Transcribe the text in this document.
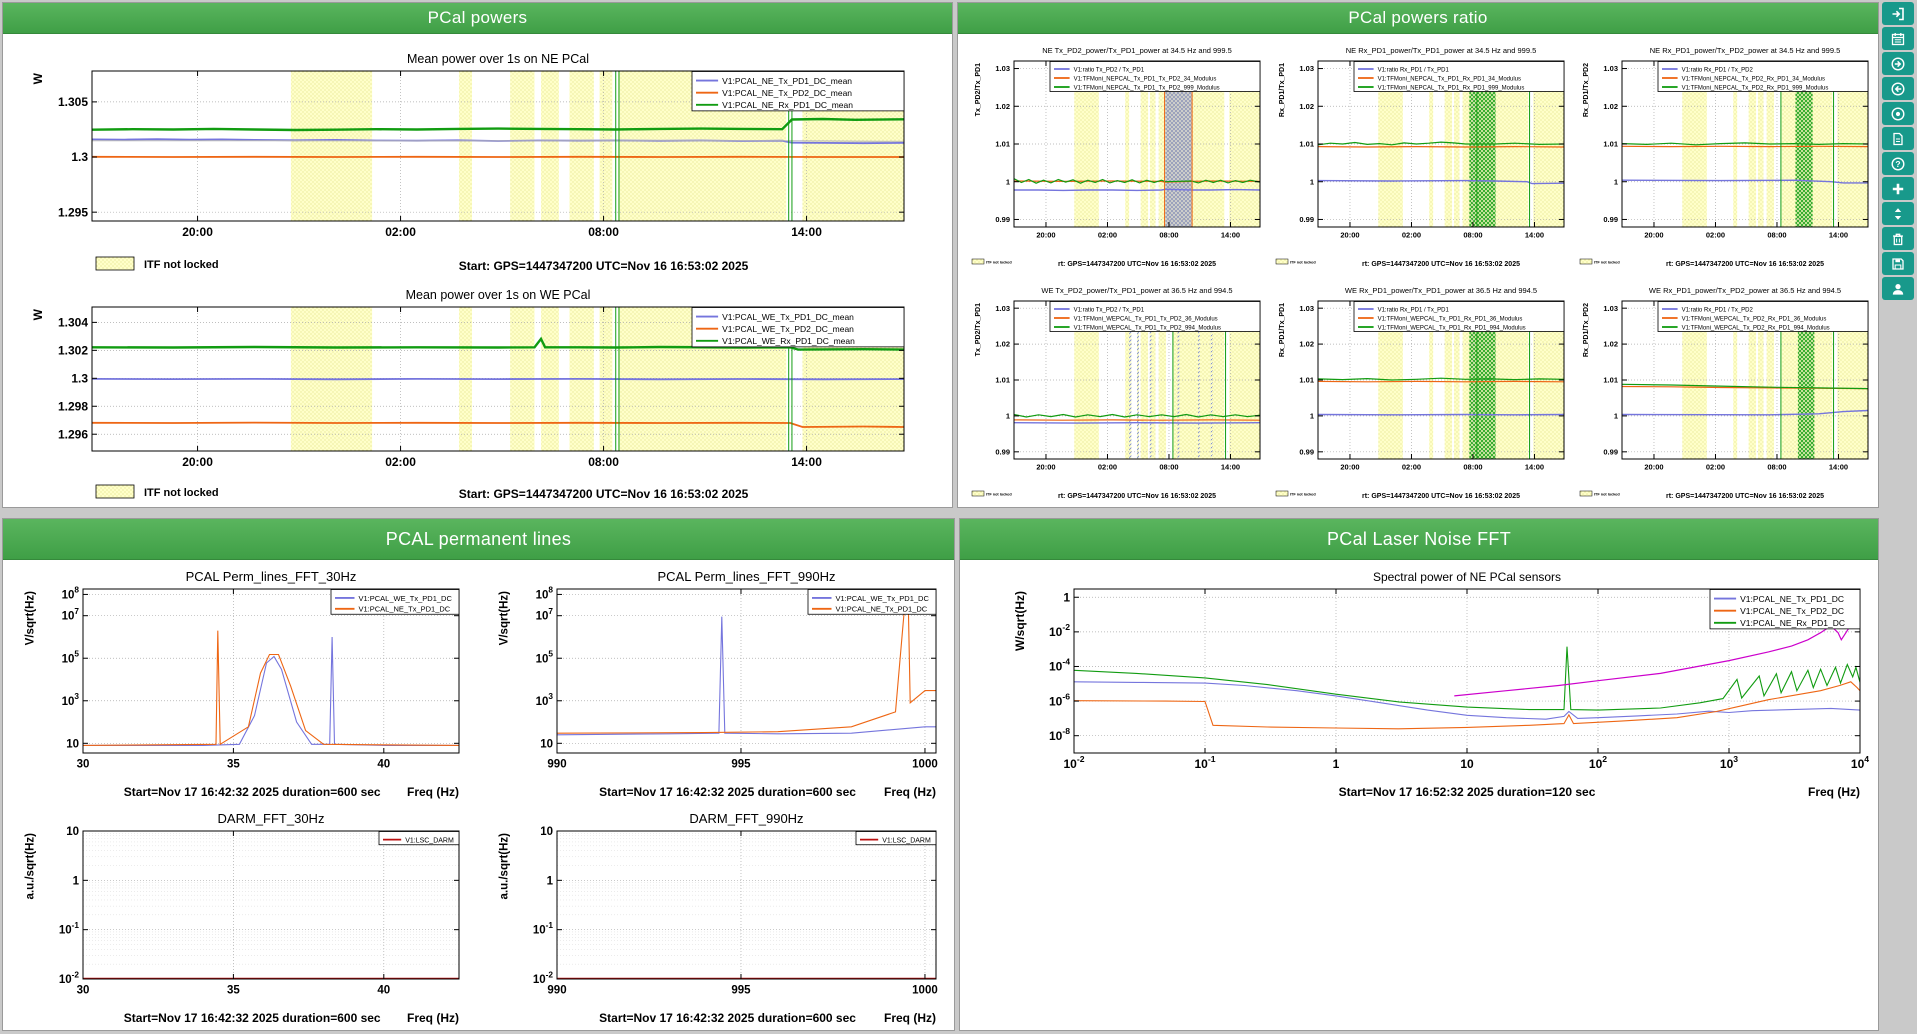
PCal powers
20:00	02:00	08:00	14:00
1.305
1.3
1.295
Mean power over 1s on NE PCal
W	V1:PCAL_NE_Tx_PD1_DC_mean
V1:PCAL_NE_Tx_PD2_DC_mean
V1:PCAL_NE_Rx_PD1_DC_mean
Start: GPS=1447347200 UTC=Nov 16 16:53:02 2025
ITF not locked
20:00	02:00	08:00	14:00
1.304
1.302
1.3
1.298
1.296
Mean power over 1s on WE PCal
W	V1:PCAL_WE_Tx_PD1_DC_mean
V1:PCAL_WE_Tx_PD2_DC_mean
V1:PCAL_WE_Rx_PD1_DC_mean
Start: GPS=1447347200 UTC=Nov 16 16:53:02 2025
ITF not locked
PCal powers ratio
20:00	02:00	08:00	14:00
1.03
1.02
1.01
1
0.99
NE Tx_PD2_power/Tx_PD1_power at 34.5 Hz and 999.5
Tx_PD2/Tx_PD1	V1:ratio Tx_PD2 / Tx_PD1
V1:TFMoni_NEPCAL_Tx_PD1_Tx_PD2_34_Modulus
V1:TFMoni_NEPCAL_Tx_PD1_Tx_PD2_999_Modulus
rt: GPS=1447347200 UTC=Nov 16 16:53:02 2025
ITF not locked
20:00	02:00	08:00	14:00
1.03
1.02
1.01
1
0.99
NE Rx_PD1_power/Tx_PD1_power at 34.5 Hz and 999.5
Rx_PD1/Tx_PD1	V1:ratio Rx_PD1 / Tx_PD1
V1:TFMoni_NEPCAL_Tx_PD1_Rx_PD1_34_Modulus
V1:TFMoni_NEPCAL_Tx_PD1_Rx_PD1_999_Modulus
rt: GPS=1447347200 UTC=Nov 16 16:53:02 2025
ITF not locked
20:00	02:00	08:00	14:00
1.03
1.02
1.01
1
0.99
NE Rx_PD1_power/Tx_PD2_power at 34.5 Hz and 999.5
Rx_PD1/Tx_PD2	V1:ratio Rx_PD1 / Tx_PD2
V1:TFMoni_NEPCAL_Tx_PD2_Rx_PD1_34_Modulus
V1:TFMoni_NEPCAL_Tx_PD2_Rx_PD1_999_Modulus
rt: GPS=1447347200 UTC=Nov 16 16:53:02 2025
ITF not locked
20:00	02:00	08:00	14:00
1.03
1.02
1.01
1
0.99
WE Tx_PD2_power/Tx_PD1_power at 36.5 Hz and 994.5
Tx_PD2/Tx_PD1	V1:ratio Tx_PD2 / Tx_PD1
V1:TFMoni_WEPCAL_Tx_PD1_Tx_PD2_36_Modulus
V1:TFMoni_WEPCAL_Tx_PD1_Tx_PD2_994_Modulus
rt: GPS=1447347200 UTC=Nov 16 16:53:02 2025
ITF not locked
20:00	02:00	08:00	14:00
1.03
1.02
1.01
1
0.99
WE Rx_PD1_power/Tx_PD1_power at 36.5 Hz and 994.5
Rx_PD1/Tx_PD1	V1:ratio Rx_PD1 / Tx_PD1
V1:TFMoni_WEPCAL_Tx_PD1_Rx_PD1_36_Modulus
V1:TFMoni_WEPCAL_Tx_PD1_Rx_PD1_994_Modulus
rt: GPS=1447347200 UTC=Nov 16 16:53:02 2025
ITF not locked
20:00	02:00	08:00	14:00
1.03
1.02
1.01
1
0.99
WE Rx_PD1_power/Tx_PD2_power at 36.5 Hz and 994.5
Rx_PD1/Tx_PD2	V1:ratio Rx_PD1 / Tx_PD2
V1:TFMoni_WEPCAL_Tx_PD2_Rx_PD1_36_Modulus
V1:TFMoni_WEPCAL_Tx_PD2_Rx_PD1_994_Modulus
rt: GPS=1447347200 UTC=Nov 16 16:53:02 2025
ITF not locked
PCAL permanent lines
30	35	40
$10^8$
$10^7$
$10^5$
$10^3$
10
PCAL Perm_lines_FFT_30Hz
V/sqrt(Hz)	V1:PCAL_WE_Tx_PD1_DC
V1:PCAL_NE_Tx_PD1_DC
Start=Nov 17 16:42:32 2025 duration=600 sec Freq (Hz)
990	995	1000
$10^8$
$10^7$
$10^5$
$10^3$
10
PCAL Perm_lines_FFT_990Hz
V/sqrt(Hz)	V1:PCAL_WE_Tx_PD1_DC
V1:PCAL_NE_Tx_PD1_DC
Start=Nov 17 16:42:32 2025 duration=600 sec Freq (Hz)
30	35	40
10
1
$10^{-1}$
$10^{-2}$
DARM_FFT_30Hz
a.u./sqrt(Hz)	V1:LSC_DARM
Start=Nov 17 16:42:32 2025 duration=600 sec Freq (Hz)
990	995	1000
10
1
$10^{-1}$
$10^{-2}$
DARM_FFT_990Hz
a.u./sqrt(Hz)	V1:LSC_DARM
Start=Nov 17 16:42:32 2025 duration=600 sec Freq (Hz)
PCal Laser Noise FFT
$10^{-2}$	$10^{-1}$	1	10	$10^2$	$10^3$	$10^4$
1
$10^{-2}$
$10^{-4}$
$10^{-6}$
$10^{-8}$
Spectral power of NE PCal sensors
W/sqrt(Hz)	V1:PCAL_NE_Tx_PD1_DC
V1:PCAL_NE_Tx_PD2_DC
V1:PCAL_NE_Rx_PD1_DC
Start=Nov 17 16:52:32 2025 duration=120 sec	Freq (Hz)
?
